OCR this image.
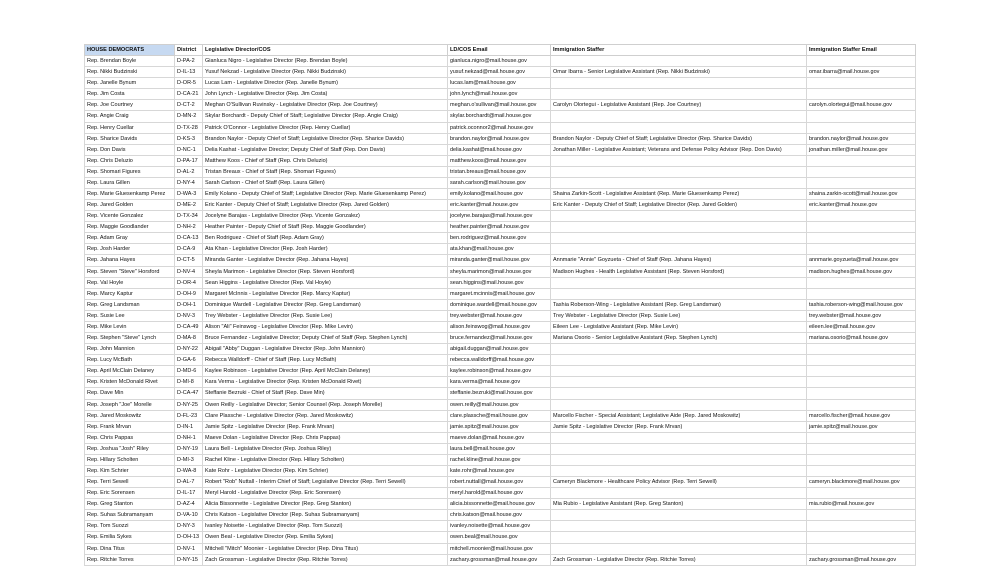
HOUSE DEMOCRATS	District	Legislative Director/COS	LD/COS Email	Immigration Staffer	Immigration Staffer Email
Rep. Brendan Boyle	D-PA-2	Gianluca Nigro - Legislative Director (Rep. Brendan Boyle)	gianluca.nigro@mail.house.gov		
Rep. Nikki Budzinski	D-IL-13	Yusuf Nekzad - Legislative Director (Rep. Nikki Budzinski)	yusuf.nekzad@mail.house.gov	Omar Ibarra - Senior Legislative Assistant (Rep. Nikki Budzinski)	omar.ibarra@mail.house.gov
Rep. Janelle Bynum	D-OR-5	Lucas Lam - Legislative Director (Rep. Janelle Bynum)	lucas.lam@mail.house.gov		
Rep. Jim Costa	D-CA-21	John Lynch - Legislative Director (Rep. Jim Costa)	john.lynch@mail.house.gov		
Rep. Joe Courtney	D-CT-2	Meghan O'Sullivan Ruvinsky - Legislative Director (Rep. Joe Courtney)	meghan.o'sullivan@mail.house.gov	Carolyn Olortegui - Legislative Assistant (Rep. Joe Courtney)	carolyn.olortegui@mail.house.gov
Rep. Angie Craig	D-MN-2	Skylar Borchardt - Deputy Chief of Staff; Legislative Director (Rep. Angie Craig)	skylar.borchardt@mail.house.gov		
Rep. Henry Cuellar	D-TX-28	Patrick O'Connor - Legislative Director (Rep. Henry Cuellar)	patrick.oconnor2@mail.house.gov		
Rep. Sharice Davids	D-KS-3	Brandon Naylor - Deputy Chief of Staff; Legislative Director (Rep. Sharice Davids)	brandon.naylor@mail.house.gov	Brandon Naylor - Deputy Chief of Staff; Legislative Director (Rep. Sharice Davids)	brandon.naylor@mail.house.gov
Rep. Don Davis	D-NC-1	Delia Kashat - Legislative Director; Deputy Chief of Staff (Rep. Don Davis)	delia.kashat@mail.house.gov	Jonathan Miller - Legislative Assistant; Veterans and Defense Policy Advisor (Rep. Don Davis)	jonathan.miller@mail.house.gov
Rep. Chris Deluzio	D-PA-17	Matthew Koos - Chief of Staff (Rep. Chris Deluzio)	matthew.koos@mail.house.gov		
Rep. Shomari Figures	D-AL-2	Tristan Breaux - Chief of Staff (Rep. Shomari Figures)	tristan.breaux@mail.house.gov		
Rep. Laura Gillen	D-NY-4	Sarah Carlson - Chief of Staff (Rep. Laura Gillen)	sarah.carlson@mail.house.gov		
Rep. Marie Gluesenkamp Perez	D-WA-3	Emily Kolano - Deputy Chief of Staff; Legislative Director (Rep. Marie Gluesenkamp Perez)	emily.kolano@mail.house.gov	Shaina Zarkin-Scott - Legislative Assistant (Rep. Marie Gluesenkamp Perez)	shaina.zarkin-scott@mail.house.gov
Rep. Jared Golden	D-ME-2	Eric Kanter - Deputy Chief of Staff; Legislative Director (Rep. Jared Golden)	eric.kanter@mail.house.gov	Eric Kanter - Deputy Chief of Staff; Legislative Director (Rep. Jared Golden)	eric.kanter@mail.house.gov
Rep. Vicente Gonzalez	D-TX-34	Jocelyne Barajas - Legislative Director (Rep. Vicente Gonzalez)	jocelyne.barajas@mail.house.gov		
Rep. Maggie Goodlander	D-NH-2	Heather Painter - Deputy Chief of Staff (Rep. Maggie Goodlander)	heather.painter@mail.house.gov		
Rep. Adam Gray	D-CA-13	Ben Rodriguez - Chief of Staff (Rep. Adam Gray)	ben.rodriguez@mail.house.gov		
Rep. Josh Harder	D-CA-9	Ata Khan - Legislative Director (Rep. Josh Harder)	ata.khan@mail.house.gov		
Rep. Jahana Hayes	D-CT-5	Miranda Ganter - Legislative Director (Rep. Jahana Hayes)	miranda.ganter@mail.house.gov	Annmarie "Annie" Goyzueta - Chief of Staff (Rep. Jahana Hayes)	annmarie.goyzueta@mail.house.gov
Rep. Steven "Steve" Horsford	D-NV-4	Sheyla Marimon - Legislative Director (Rep. Steven Horsford)	sheyla.marimon@mail.house.gov	Madison Hughes - Health Legislative Assistant (Rep. Steven Horsford)	madison.hughes@mail.house.gov
Rep. Val Hoyle	D-OR-4	Sean Higgins - Legislative Director (Rep. Val Hoyle)	sean.higgins@mail.house.gov		
Rep. Marcy Kaptur	D-OH-9	Margaret McInnis - Legislative Director (Rep. Marcy Kaptur)	margaret.mcinnis@mail.house.gov		
Rep. Greg Landsman	D-OH-1	Dominique Wardell - Legislative Director (Rep. Greg Landsman)	dominique.wardell@mail.house.gov	Tashia Roberson-Wing - Legislative Assistant (Rep. Greg Landsman)	tashia.roberson-wing@mail.house.gov
Rep. Susie Lee	D-NV-3	Trey Webster - Legislative Director (Rep. Susie Lee)	trey.webster@mail.house.gov	Trey Webster - Legislative Director (Rep. Susie Lee)	trey.webster@mail.house.gov
Rep. Mike Levin	D-CA-49	Alison "Ali" Feinswog - Legislative Director (Rep. Mike Levin)	alison.feinswog@mail.house.gov	Eileen Lee - Legislative Assistant (Rep. Mike Levin)	eileen.lee@mail.house.gov
Rep. Stephen "Steve" Lynch	D-MA-8	Bruce Fernandez - Legislative Director; Deputy Chief of Staff (Rep. Stephen Lynch)	bruce.fernandez@mail.house.gov	Mariana Osorio - Senior Legislative Assistant (Rep. Stephen Lynch)	mariana.osorio@mail.house.gov
Rep. John Mannion	D-NY-22	Abigail "Abby" Duggan - Legislative Director (Rep. John Mannion)	abigail.duggan@mail.house.gov		
Rep. Lucy McBath	D-GA-6	Rebecca Walldorff - Chief of Staff (Rep. Lucy McBath)	rebecca.walldorff@mail.house.gov		
Rep. April McClain Delaney	D-MD-6	Kaylee Robinson - Legislative Director (Rep. April McClain Delaney)	kaylee.robinson@mail.house.gov		
Rep. Kristen McDonald Rivet	D-MI-8	Kara Verma - Legislative Director (Rep. Kristen McDonald Rivet)	kara.verma@mail.house.gov		
Rep. Dave Min	D-CA-47	Steffanie Bezruki - Chief of Staff (Rep. Dave Min)	steffanie.bezruki@mail.house.gov		
Rep. Joseph "Joe" Morelle	D-NY-25	Owen Reilly - Legislative Director; Senior Counsel (Rep. Joseph Morelle)	owen.reilly@mail.house.gov		
Rep. Jared Moskowitz	D-FL-23	Clare Plassche - Legislative Director (Rep. Jared Moskowitz)	clare.plassche@mail.house.gov	Marcello Fischer - Special Assistant; Legislative Aide (Rep. Jared Moskowitz)	marcello.fischer@mail.house.gov
Rep. Frank Mrvan	D-IN-1	Jamie Spitz - Legislative Director (Rep. Frank Mrvan)	jamie.spitz@mail.house.gov	Jamie Spitz - Legislative Director (Rep. Frank Mrvan)	jamie.spitz@mail.house.gov
Rep. Chris Pappas	D-NH-1	Maeve Dolan - Legislative Director (Rep. Chris Pappas)	maeve.dolan@mail.house.gov		
Rep. Joshua "Josh" Riley	D-NY-19	Laura Bell - Legislative Director (Rep. Joshua Riley)	laura.bell@mail.house.gov		
Rep. Hillary Scholten	D-MI-3	Rachel Kline - Legislative Director (Rep. Hillary Scholten)	rachel.kline@mail.house.gov		
Rep. Kim Schrier	D-WA-8	Kate Rohr - Legislative Director (Rep. Kim Schrier)	kate.rohr@mail.house.gov		
Rep. Terri Sewell	D-AL-7	Robert "Rob" Nuttall - Interim Chief of Staff; Legislative Director (Rep. Terri Sewell)	robert.nuttall@mail.house.gov	Cameryn Blackmore - Healthcare Policy Advisor (Rep. Terri Sewell)	cameryn.blackmore@mail.house.gov
Rep. Eric Sorensen	D-IL-17	Meryl Harold - Legislative Director (Rep. Eric Sorensen)	meryl.harold@mail.house.gov		
Rep. Greg Stanton	D-AZ-4	Alicia Bissonnette - Legislative Director (Rep. Greg Stanton)	alicia.bissonnette@mail.house.gov	Mia Rubio - Legislative Assistant (Rep. Greg Stanton)	mia.rubio@mail.house.gov
Rep. Suhas Subramanyam	D-VA-10	Chris Katson - Legislative Director (Rep. Suhas Subramanyam)	chris.katson@mail.house.gov		
Rep. Tom Suozzi	D-NY-3	Ivanley Noisette - Legislative Director (Rep. Tom Suozzi)	ivanley.noisette@mail.house.gov		
Rep. Emilia Sykes	D-OH-13	Owen Beal - Legislative Director (Rep. Emilia Sykes)	owen.beal@mail.house.gov		
Rep. Dina Titus	D-NV-1	Mitchell "Mitch" Moonier - Legislative Director (Rep. Dina Titus)	mitchell.moonier@mail.house.gov		
Rep. Ritchie Torres	D-NY-15	Zach Grossman - Legislative Director (Rep. Ritchie Torres)	zachary.grossman@mail.house.gov	Zach Grossman - Legislative Director (Rep. Ritchie Torres)	zachary.grossman@mail.house.gov
